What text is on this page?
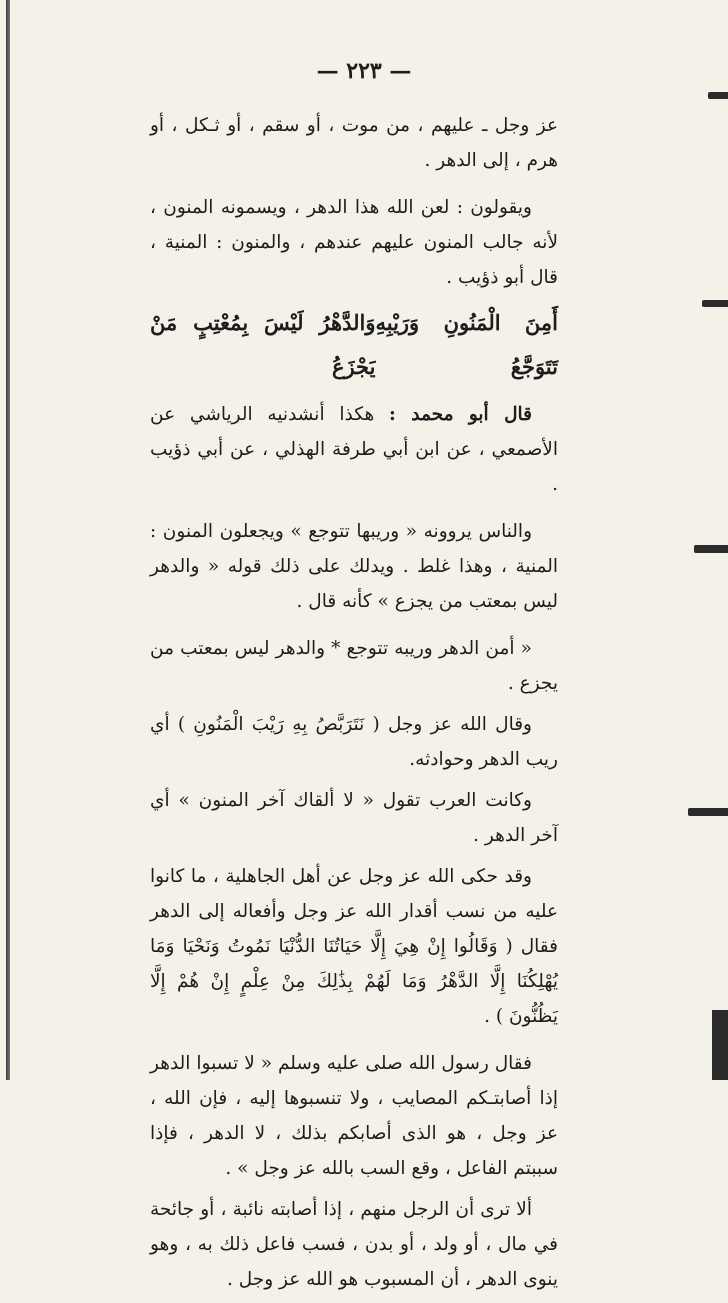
— ٢٢٣ —

عز وجل ـ عليهم ، من موت ، أو سقم ، أو ثـكل ، أو هرم ، إلى الدهر .

ويقولون : لعن الله هذا الدهر ، ويسمونه المنون ، لأنه جالب المنون عليهم عندهم ، والمنون : المنية ، قال أبو ذؤيب .

أَمِنَ الْمَنُونِ وَرَيْبِهِ تَتَوَجَّعُ
وَالدَّهْرُ لَيْسَ بِمُعْتِبٍ مَنْ يَجْزَعُ

قال أبو محمد : هكذا أنشدنيه الرياشي عن الأصمعي ، عن ابن أبي طرفة الهذلي ، عن أبي ذؤيب .

والناس يروونه « وريبها تتوجع » ويجعلون المنون : المنية ، وهذا غلط . ويدلك على ذلك قوله « والدهر ليس بمعتب من يجزع » كأنه قال .

« أمن الدهر وريبه تتوجع * والدهر ليس بمعتب من يجزع .

وقال الله عز وجل ( نَتَرَبَّصُ بِهِ رَيْبَ الْمَنُونِ ) أي ريب الدهر وحوادثه.

وكانت العرب تقول « لا ألقاك آخر المنون » أي آخر الدهر .

وقد حكى الله عز وجل عن أهل الجاهلية ، ما كانوا عليه من نسب أقدار الله عز وجل وأفعاله إلى الدهر فقال ( وَقَالُوا إِنْ هِيَ إِلَّا حَيَاتُنَا الدُّنْيَا نَمُوتُ وَنَحْيَا وَمَا يُهْلِكُنَا إِلَّا الدَّهْرُ وَمَا لَهُمْ بِذَٰلِكَ مِنْ عِلْمٍ إِنْ هُمْ إِلَّا يَظُنُّونَ ) .

فقال رسول الله صلى عليه وسلم « لا تسبوا الدهر إذا أصابتـكم المصايب ، ولا تنسبوها إليه ، فإن الله ، عز وجل ، هو الذى أصابكم بذلك ، لا الدهر ، فإذا سببتم الفاعل ، وقع السب بالله عز وجل » .

ألا ترى أن الرجل منهم ، إذا أصابته نائبة ، أو جائحة في مال ، أو ولد ، أو بدن ، فسب فاعل ذلك به ، وهو ينوى الدهر ، أن المسبوب هو الله عز وجل .
